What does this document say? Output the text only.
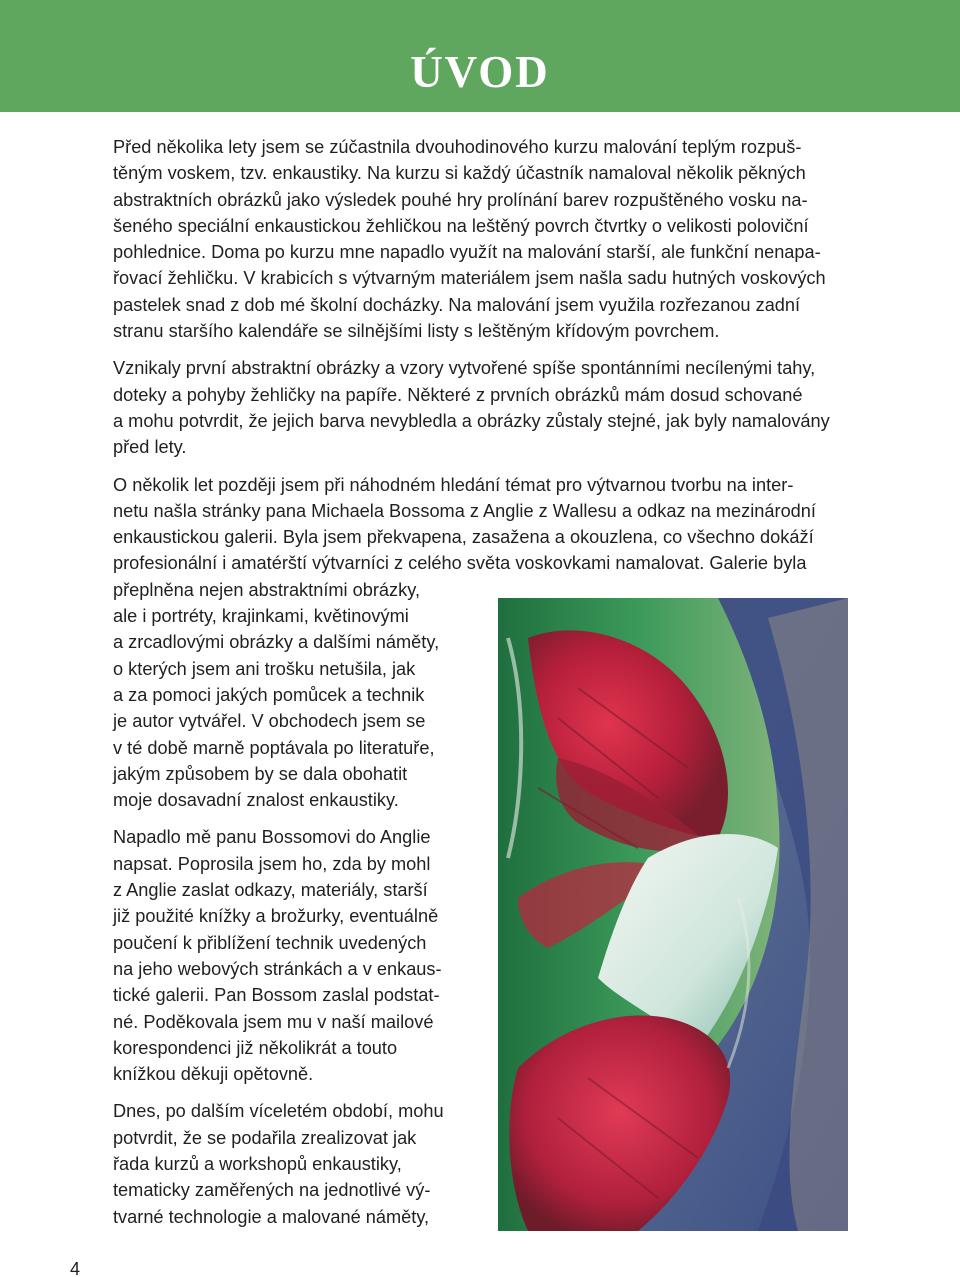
ÚVOD
Před několika lety jsem se zúčastnila dvouhodinového kurzu malování teplým rozpuš-
těným voskem, tzv. enkaustiky. Na kurzu si každý účastník namaloval několik pěkných
abstraktních obrázků jako výsledek pouhé hry prolínání barev rozpuštěného vosku na-
šeného speciální enkaustickou žehličkou na leštěný povrch čtvrtky o velikosti poloviční
pohlednice. Doma po kurzu mne napadlo využít na malování starší, ale funkční nenapa-
řovací žehličku. V krabicích s výtvarným materiálem jsem našla sadu hutných voskových
pastelek snad z dob mé školní docházky. Na malování jsem využila rozřezanou zadní
stranu staršího kalendáře se silnějšími listy s leštěným křídovým povrchem.
Vznikaly první abstraktní obrázky a vzory vytvořené spíše spontánními necílenými tahy,
doteky a pohyby žehličky na papíře. Některé z prvních obrázků mám dosud schované
a mohu potvrdit, že jejich barva nevybledla a obrázky zůstaly stejné, jak byly namalovány
před lety.
O několik let později jsem při náhodném hledání témat pro výtvarnou tvorbu na inter-
netu našla stránky pana Michaela Bossoma z Anglie z Wallesu a odkaz na mezinárodní
enkaustickou galerii. Byla jsem překvapena, zasažena a okouzlena, co všechno dokáží
profesionální i amatérští výtvarníci z celého světa voskovkami namalovat. Galerie byla
přeplněna nejen abstraktními obrázky,
ale i portréty, krajinkami, květinovými
a zrcadlovými obrázky a dalšími náměty,
o kterých jsem ani trošku netušila, jak
a za pomoci jakých pomůcek a technik
je autor vytvářel. V obchodech jsem se
v té době marně poptávala po literatuře,
jakým způsobem by se dala obohatit
moje dosavadní znalost enkaustiky.
Napadlo mě panu Bossomovi do Anglie
napsat. Poprosila jsem ho, zda by mohl
z Anglie zaslat odkazy, materiály, starší
již použité knížky a brožurky, eventuálně
poučení k přiblížení technik uvedených
na jeho webových stránkách a v enkaus-
tické galerii. Pan Bossom zaslal podstat-
né. Poděkovala jsem mu v naší mailové
korespondenci již několikrát a touto
knížkou děkuji opětovně.
Dnes, po dalším víceletém období, mohu
potvrdit, že se podařila zrealizovat jak
řada kurzů a workshopů enkaustiky,
tematicky zaměřených na jednotlivé vý-
tvarné technologie a malované náměty,
4
